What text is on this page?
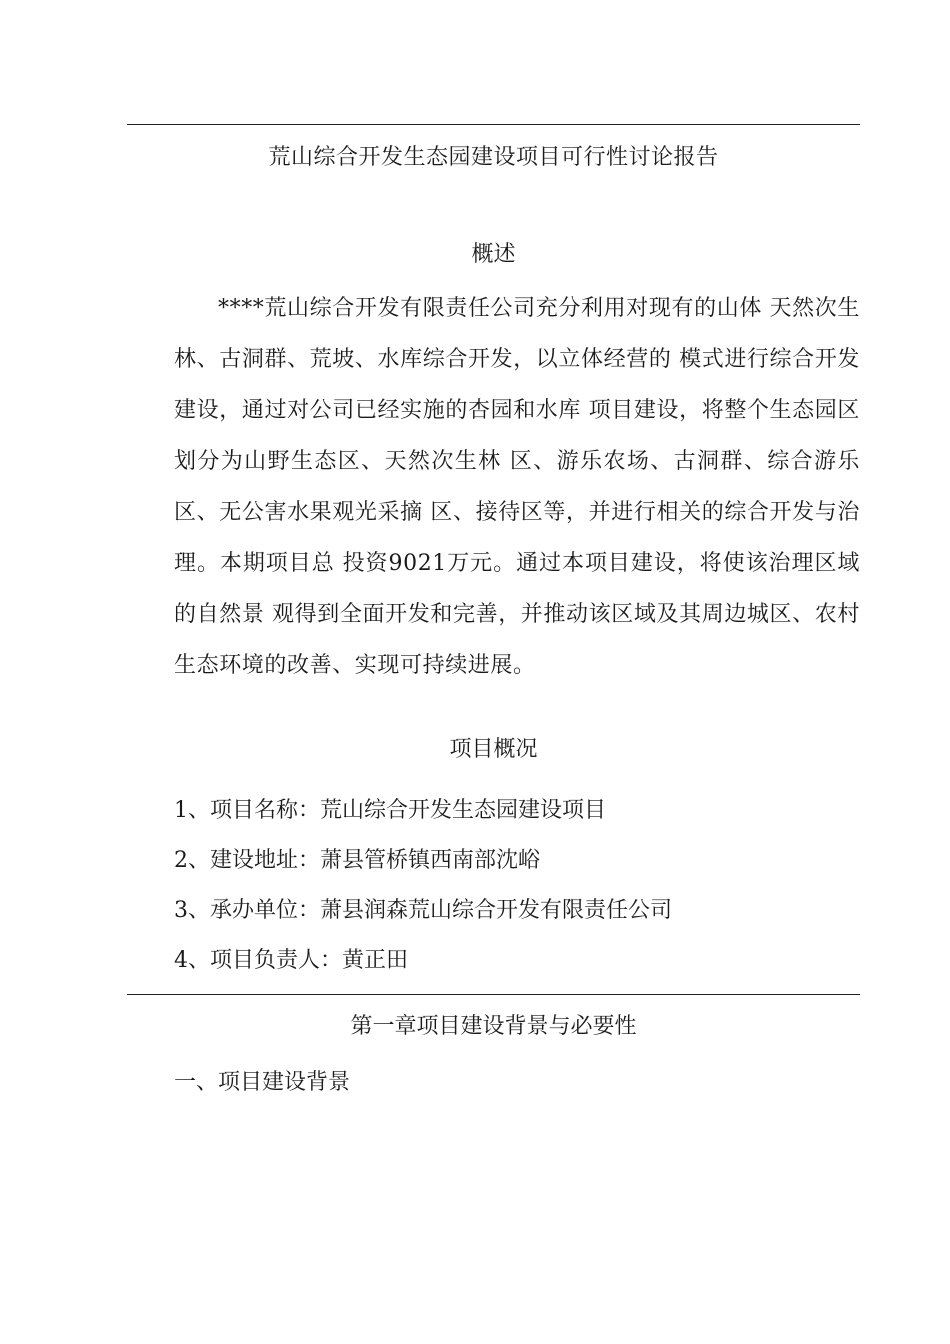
荒山综合开发生态园建设项目可行性讨论报告
概述
****荒山综合开发有限责任公司充分利用对现有的山体 天然次生林、古洞群、荒坡、水库综合开发，以立体经营的 模式进行综合开发建设，通过对公司已经实施的杏园和水库 项目建设，将整个生态园区划分为山野生态区、天然次生林 区、游乐农场、古洞群、综合游乐区、无公害水果观光采摘 区、接待区等，并进行相关的综合开发与治理。本期项目总 投资9021万元。通过本项目建设，将使该治理区域的自然景 观得到全面开发和完善，并推动该区域及其周边城区、农村 生态环境的改善、实现可持续进展。
项目概况
1、项目名称：荒山综合开发生态园建设项目
2、建设地址：萧县管桥镇西南部沈峪
3、承办单位：萧县润森荒山综合开发有限责任公司
4、项目负责人：黄正田
第一章项目建设背景与必要性
一、项目建设背景
